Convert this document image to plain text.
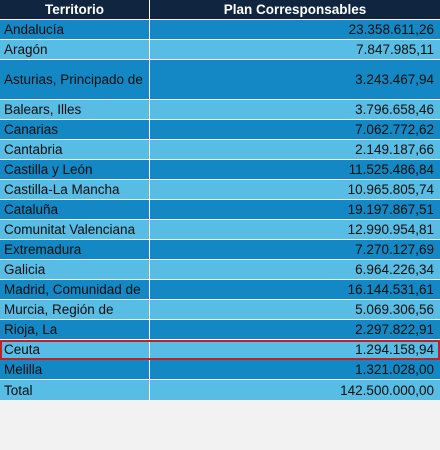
Territorio	Plan Corresponsables
Andalucía	23.358.611,26
Aragón	7.847.985,11
Asturias, Principado de	3.243.467,94
Balears, Illes	3.796.658,46
Canarias	7.062.772,62
Cantabria	2.149.187,66
Castilla y León	11.525.486,84
Castilla-La Mancha	10.965.805,74
Cataluña	19.197.867,51
Comunitat Valenciana	12.990.954,81
Extremadura	7.270.127,69
Galicia	6.964.226,34
Madrid, Comunidad de	16.144.531,61
Murcia, Región de	5.069.306,56
Rioja, La	2.297.822,91
Ceuta	1.294.158,94
Melilla	1.321.028,00
Total	142.500.000,00
